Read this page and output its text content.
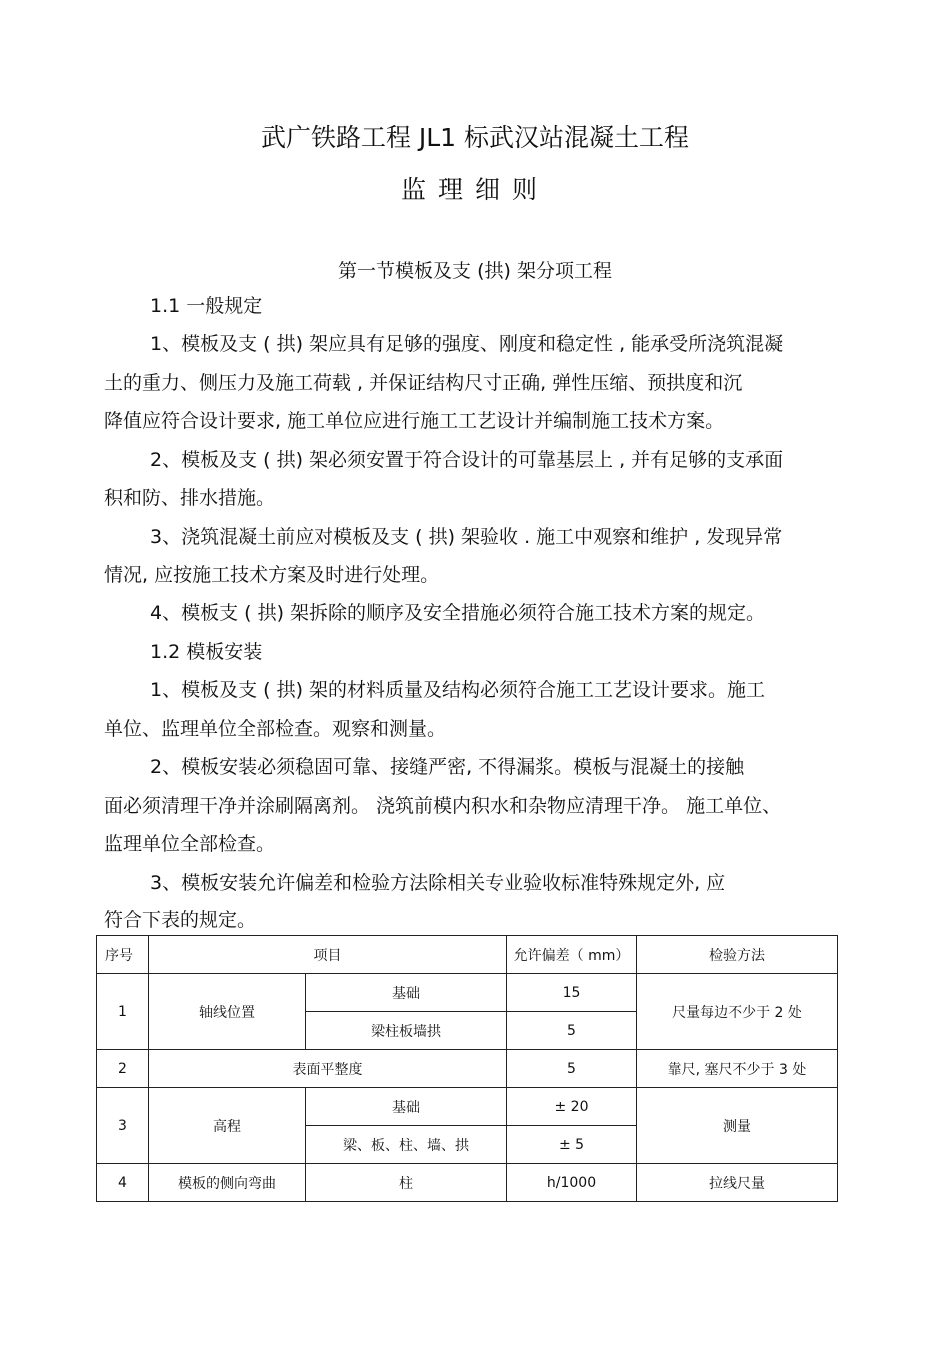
武广铁路工程 JL1 标武汉站混凝土工程
监理细则
第一节模板及支 (拱) 架分项工程
1.1 一般规定
1、模板及支 ( 拱) 架应具有足够的强度、刚度和稳定性 , 能承受所浇筑混凝
土的重力、侧压力及施工荷载 , 并保证结构尺寸正确, 弹性压缩、预拱度和沉
降值应符合设计要求, 施工单位应进行施工工艺设计并编制施工技术方案。
2、模板及支 ( 拱) 架必须安置于符合设计的可靠基层上 , 并有足够的支承面
积和防、排水措施。
3、浇筑混凝土前应对模板及支 ( 拱) 架验收 . 施工中观察和维护 , 发现异常
情况, 应按施工技术方案及时进行处理。
4、模板支 ( 拱) 架拆除的顺序及安全措施必须符合施工技术方案的规定。
1.2 模板安装
1、模板及支 ( 拱) 架的材料质量及结构必须符合施工工艺设计要求。施工
单位、监理单位全部检查。观察和测量。
2、模板安装必须稳固可靠、接缝严密, 不得漏浆。模板与混凝土的接触
面必须清理干净并涂刷隔离剂。 浇筑前模内积水和杂物应清理干净。 施工单位、
监理单位全部检查。
3、模板安装允许偏差和检验方法除相关专业验收标准特殊规定外, 应
符合下表的规定。
序号	项目		允许偏差（ mm）	检验方法
1	轴线位置	基础	15	尺量每边不少于 2 处
		梁柱板墙拱	5	
2	表面平整度		5	靠尺, 塞尺不少于 3 处
3	高程	基础	± 20	测量
		梁、板、柱、墙、拱	± 5	
4	模板的侧向弯曲	柱	h/1000	拉线尺量
